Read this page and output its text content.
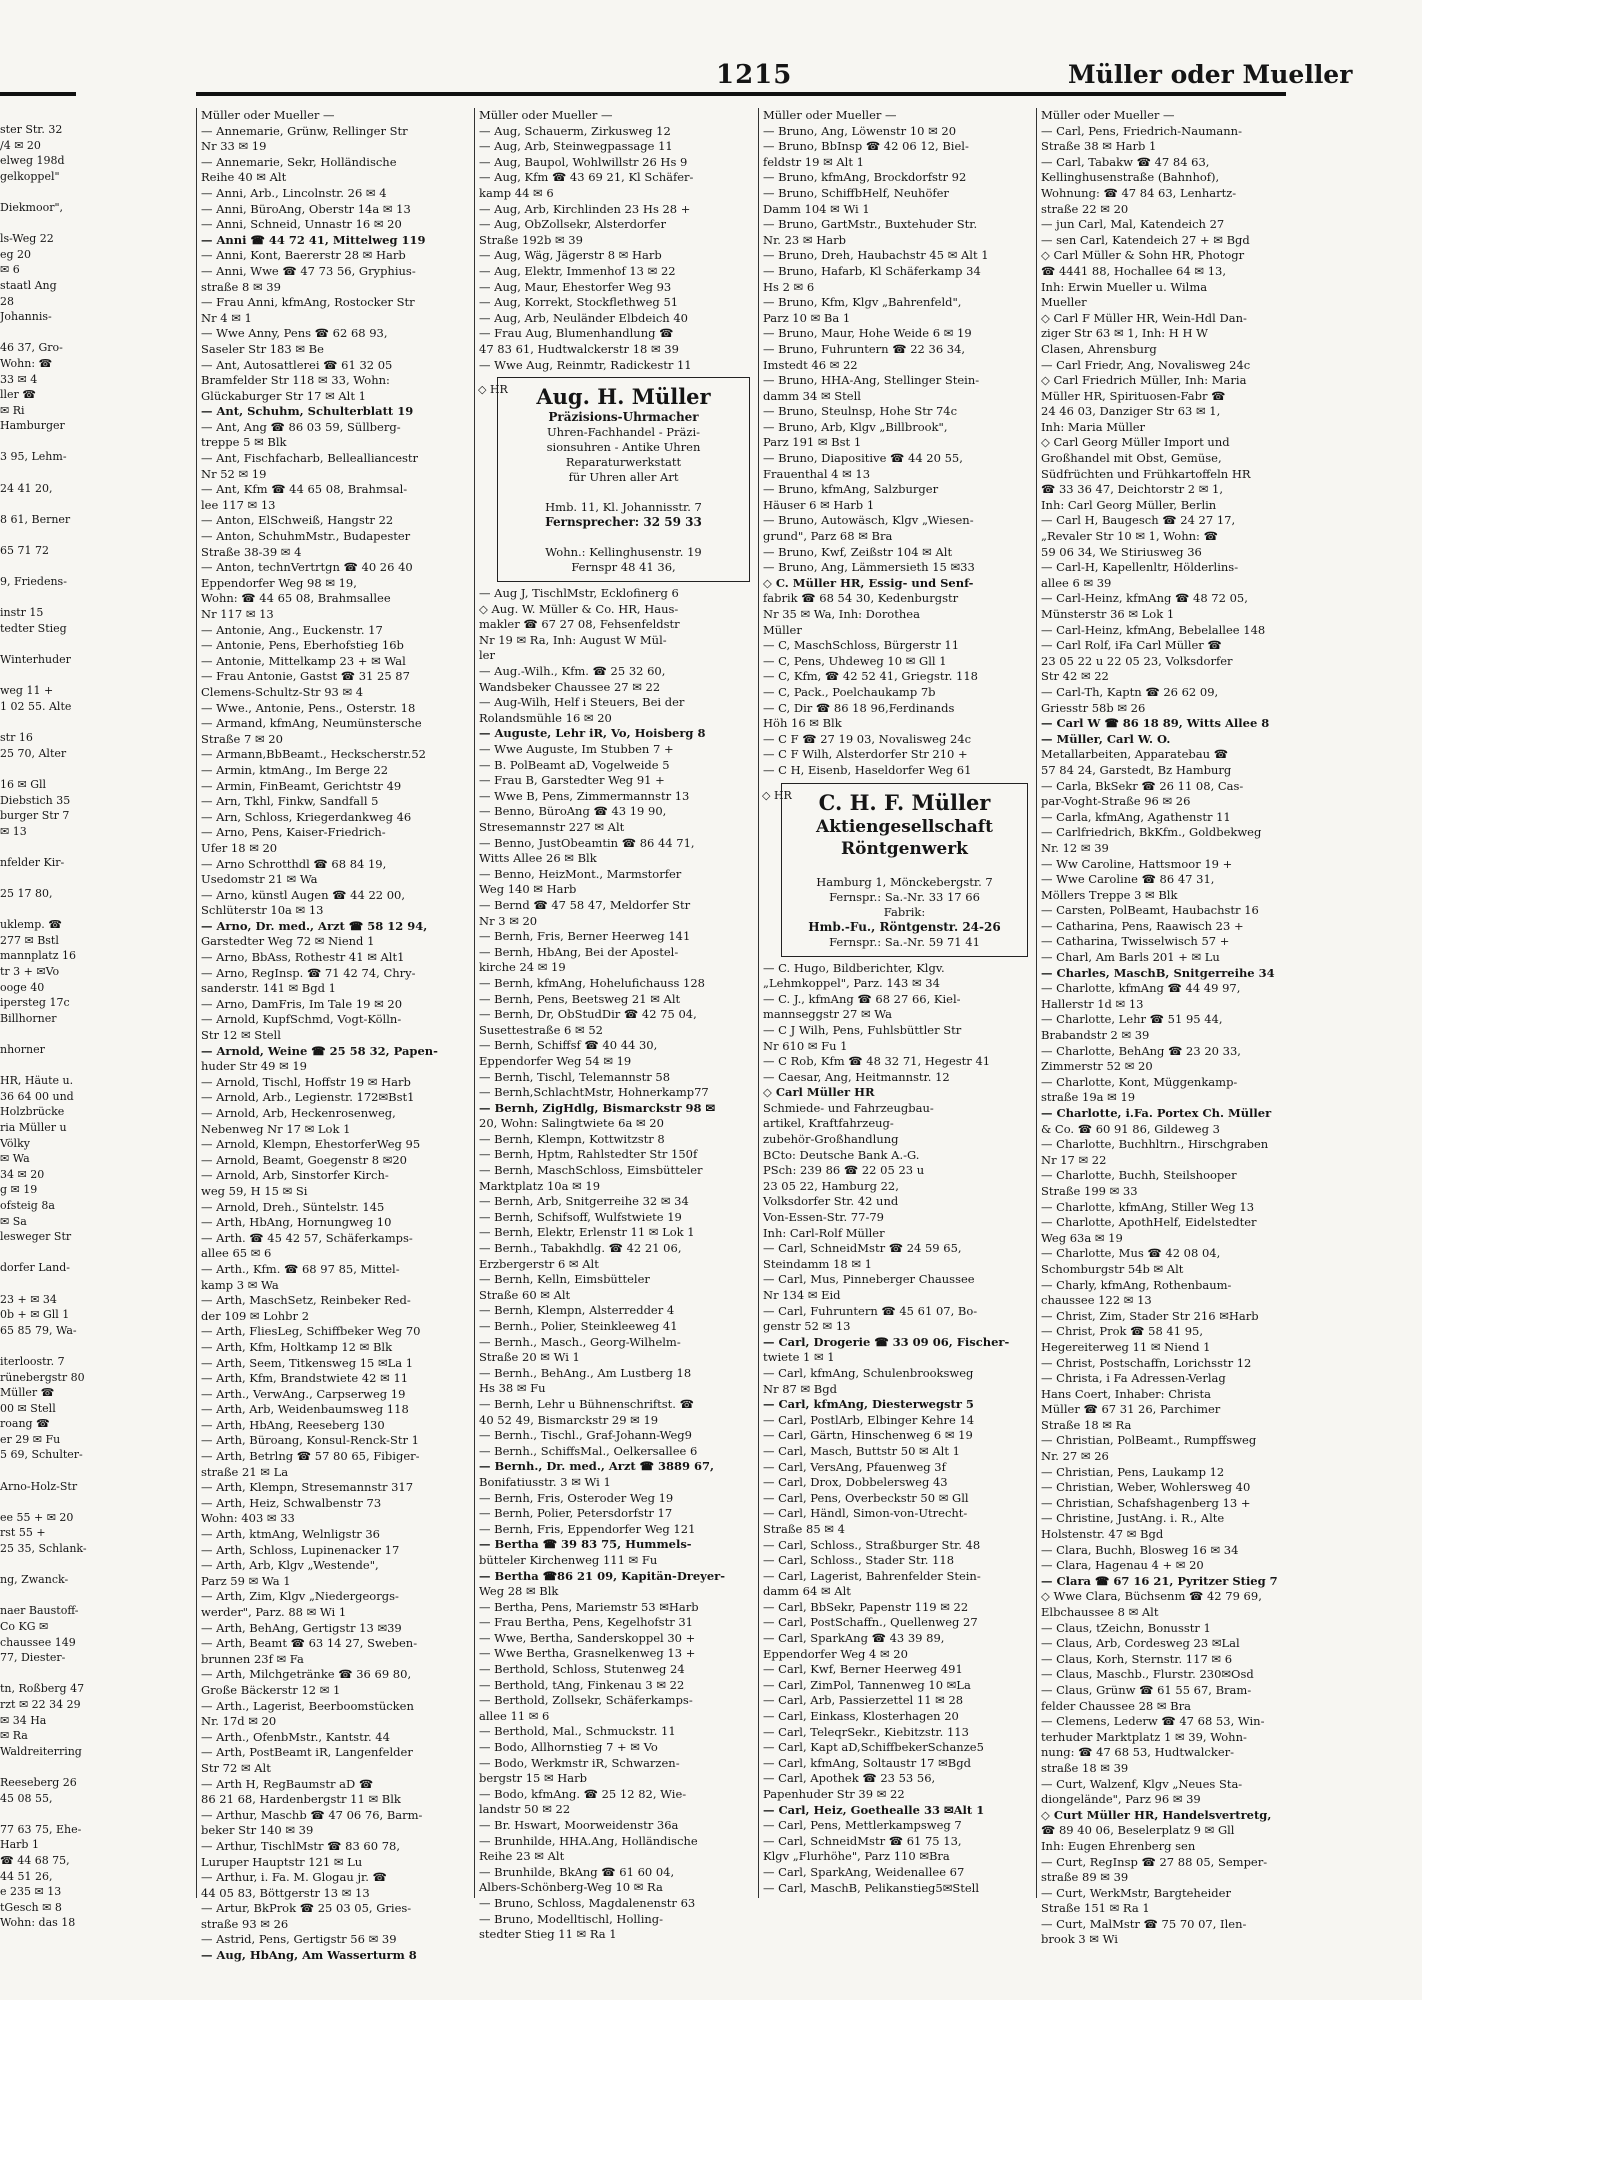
1215	Müller oder Mueller
ster Str. 32
/4 ✉ 20
elweg 198d
gelkoppel"

Diekmoor",

ls-Weg 22
eg 20
✉ 6
staatl Ang
28
Johannis-

46 37, Gro-
Wohn: ☎
33 ✉ 4
ller ☎
✉ Ri
Hamburger

3 95, Lehm-

24 41 20,

8 61, Berner

65 71 72

9, Friedens-

instr 15
tedter Stieg

Winterhuder

weg 11 +
1 02 55. Alte

str 16
25 70, Alter

16 ✉ Gll
Diebstich 35
burger Str 7
✉ 13

nfelder Kir-

25 17 80,

uklemp. ☎
277 ✉ Bstl
mannplatz 16
tr 3 + ✉Vo
ooge 40
ipersteg 17c
Billhorner

nhorner

HR, Häute u.
36 64 00 und
Holzbrücke
ria Müller u
Völky
✉ Wa
34 ✉ 20
g ✉ 19
ofsteig 8a
✉ Sa
lesweger Str

dorfer Land-

23 + ✉ 34
0b + ✉ Gll 1
65 85 79, Wa-

iterloostr. 7
rünebergstr 80
Müller ☎
00 ✉ Stell
roang ☎
er 29 ✉ Fu
5 69, Schulter-

Arno-Holz-Str

ee 55 + ✉ 20
rst 55 +
25 35, Schlank-

ng, Zwanck-

naer Baustoff-
Co KG ✉
chaussee 149
77, Diester-

tn, Roßberg 47
rzt ✉ 22 34 29
✉ 34 Ha
✉ Ra
Waldreiterring

Reeseberg 26
45 08 55,

77 63 75, Ehe-
Harb 1
☎ 44 68 75,
44 51 26,
e 235 ✉ 13
tGesch ✉ 8
Wohn: das 18
Müller oder Mueller —
— Annemarie, Grünw, Rellinger Str
Nr 33 ✉ 19
— Annemarie, Sekr, Holländische
Reihe 40 ✉ Alt
— Anni, Arb., Lincolnstr. 26 ✉ 4
— Anni, BüroAng, Oberstr 14a ✉ 13
— Anni, Schneid, Unnastr 16 ✉ 20
— Anni ☎ 44 72 41, Mittelweg 119
— Anni, Kont, Baererstr 28 ✉ Harb
— Anni, Wwe ☎ 47 73 56, Gryphius-
straße 8 ✉ 39
— Frau Anni, kfmAng, Rostocker Str
Nr 4 ✉ 1
— Wwe Anny, Pens ☎ 62 68 93,
Saseler Str 183 ✉ Be
— Ant, Autosattlerei ☎ 61 32 05
Bramfelder Str 118 ✉ 33, Wohn:
Glückaburger Str 17 ✉ Alt 1
— Ant, Schuhm, Schulterblatt 19
— Ant, Ang ☎ 86 03 59, Süllberg-
treppe 5 ✉ Blk
— Ant, Fischfacharb, Bellealliancestr
Nr 52 ✉ 19
— Ant, Kfm ☎ 44 65 08, Brahmsal-
lee 117 ✉ 13
— Anton, ElSchweiß, Hangstr 22
— Anton, SchuhmMstr., Budapester
Straße 38-39 ✉ 4
— Anton, technVertrtgn ☎ 40 26 40
Eppendorfer Weg 98 ✉ 19,
Wohn: ☎ 44 65 08, Brahmsallee
Nr 117 ✉ 13
— Antonie, Ang., Euckenstr. 17
— Antonie, Pens, Eberhofstieg 16b
— Antonie, Mittelkamp 23 + ✉ Wal
— Frau Antonie, Gastst ☎ 31 25 87
Clemens-Schultz-Str 93 ✉ 4
— Wwe., Antonie, Pens., Osterstr. 18
— Armand, kfmAng, Neumünstersche
Straße 7 ✉ 20
— Armann,BbBeamt., Heckscherstr.52
— Armin, ktmAng., Im Berge 22
— Armin, FinBeamt, Gerichtstr 49
— Arn, Tkhl, Finkw, Sandfall 5
— Arn, Schloss, Kriegerdankweg 46
— Arno, Pens, Kaiser-Friedrich-
Ufer 18 ✉ 20
— Arno Schrotthdl ☎ 68 84 19,
Usedomstr 21 ✉ Wa
— Arno, künstl Augen ☎ 44 22 00,
Schlüterstr 10a ✉ 13
— Arno, Dr. med., Arzt ☎ 58 12 94,
Garstedter Weg 72 ✉ Niend 1
— Arno, BbAss, Rothestr 41 ✉ Alt1
— Arno, RegInsp. ☎ 71 42 74, Chry-
sanderstr. 141 ✉ Bgd 1
— Arno, DamFris, Im Tale 19 ✉ 20
— Arnold, KupfSchmd, Vogt-Kölln-
Str 12 ✉ Stell
— Arnold, Weine ☎ 25 58 32, Papen-
huder Str 49 ✉ 19
— Arnold, Tischl, Hoffstr 19 ✉ Harb
— Arnold, Arb., Legienstr. 172✉Bst1
— Arnold, Arb, Heckenrosenweg,
Nebenweg Nr 17 ✉ Lok 1
— Arnold, Klempn, EhestorferWeg 95
— Arnold, Beamt, Goegenstr 8 ✉20
— Arnold, Arb, Sinstorfer Kirch-
weg 59, H 15 ✉ Si
— Arnold, Dreh., Süntelstr. 145
— Arth, HbAng, Hornungweg 10
— Arth. ☎ 45 42 57, Schäferkamps-
allee 65 ✉ 6
— Arth., Kfm. ☎ 68 97 85, Mittel-
kamp 3 ✉ Wa
— Arth, MaschSetz, Reinbeker Red-
der 109 ✉ Lohbr 2
— Arth, FliesLeg, Schiffbeker Weg 70
— Arth, Kfm, Holtkamp 12 ✉ Blk
— Arth, Seem, Titkensweg 15 ✉La 1
— Arth, Kfm, Brandstwiete 42 ✉ 11
— Arth., VerwAng., Carpserweg 19
— Arth, Arb, Weidenbaumsweg 118
— Arth, HbAng, Reeseberg 130
— Arth, Büroang, Konsul-Renck-Str 1
— Arth, Betrlng ☎ 57 80 65, Fibiger-
straße 21 ✉ La
— Arth, Klempn, Stresemannstr 317
— Arth, Heiz, Schwalbenstr 73
Wohn: 403 ✉ 33
— Arth, ktmAng, Welnligstr 36
— Arth, Schloss, Lupinenacker 17
— Arth, Arb, Klgv „Westende",
Parz 59 ✉ Wa 1
— Arth, Zim, Klgv „Niedergeorgs-
werder", Parz. 88 ✉ Wi 1
— Arth, BehAng, Gertigstr 13 ✉39
— Arth, Beamt ☎ 63 14 27, Sweben-
brunnen 23f ✉ Fa
— Arth, Milchgetränke ☎ 36 69 80,
Große Bäckerstr 12 ✉ 1
— Arth., Lagerist, Beerboomstücken
Nr. 17d ✉ 20
— Arth., OfenbMstr., Kantstr. 44
— Arth, PostBeamt iR, Langenfelder
Str 72 ✉ Alt
— Arth H, RegBaumstr aD ☎
86 21 68, Hardenbergstr 11 ✉ Blk
— Arthur, Maschb ☎ 47 06 76, Barm-
beker Str 140 ✉ 39
— Arthur, TischlMstr ☎ 83 60 78,
Luruper Hauptstr 121 ✉ Lu
— Arthur, i. Fa. M. Glogau jr. ☎
44 05 83, Böttgerstr 13 ✉ 13
— Artur, BkProk ☎ 25 03 05, Gries-
straße 93 ✉ 26
— Astrid, Pens, Gertigstr 56 ✉ 39
— Aug, HbAng, Am Wasserturm 8
Müller oder Mueller —
— Aug, Schauerm, Zirkusweg 12
— Aug, Arb, Steinwegpassage 11
— Aug, Baupol, Wohlwillstr 26 Hs 9
— Aug, Kfm ☎ 43 69 21, Kl Schäfer-
kamp 44 ✉ 6
— Aug, Arb, Kirchlinden 23 Hs 28 +
— Aug, ObZollsekr, Alsterdorfer
Straße 192b ✉ 39
— Aug, Wäg, Jägerstr 8 ✉ Harb
— Aug, Elektr, Immenhof 13 ✉ 22
— Aug, Maur, Ehestorfer Weg 93
— Aug, Korrekt, Stockflethweg 51
— Aug, Arb, Neuländer Elbdeich 40
— Frau Aug, Blumenhandlung ☎
47 83 61, Hudtwalckerstr 18 ✉ 39
— Wwe Aug, Reinmtr, Radickestr 11
◇ HR	Aug. H. Müller
Präzisions-Uhrmacher
Uhren-Fachhandel - Präzi-
sionsuhren - Antike Uhren
Reparaturwerkstatt
für Uhren aller Art

Hmb. 11, Kl. Johannisstr. 7
Fernsprecher: 32 59 33

Wohn.: Kellinghusenstr. 19
Fernspr 48 41 36,
— Aug J, TischlMstr, Ecklofinerg 6
◇ Aug. W. Müller & Co. HR, Haus-
makler ☎ 67 27 08, Fehsenfeldstr
Nr 19 ✉ Ra, Inh: August W Mül-
ler
— Aug.-Wilh., Kfm. ☎ 25 32 60,
Wandsbeker Chaussee 27 ✉ 22
— Aug-Wilh, Helf i Steuers, Bei der
Rolandsmühle 16 ✉ 20
— Auguste, Lehr iR, Vo, Hoisberg 8
— Wwe Auguste, Im Stubben 7 +
— B. PolBeamt aD, Vogelweide 5
— Frau B, Garstedter Weg 91 +
— Wwe B, Pens, Zimmermannstr 13
— Benno, BüroAng ☎ 43 19 90,
Stresemannstr 227 ✉ Alt
— Benno, JustObeamtin ☎ 86 44 71,
Witts Allee 26 ✉ Blk
— Benno, HeizMont., Marmstorfer
Weg 140 ✉ Harb
— Bernd ☎ 47 58 47, Meldorfer Str
Nr 3 ✉ 20
— Bernh, Fris, Berner Heerweg 141
— Bernh, HbAng, Bei der Apostel-
kirche 24 ✉ 19
— Bernh, kfmAng, Hohelufichauss 128
— Bernh, Pens, Beetsweg 21 ✉ Alt
— Bernh, Dr, ObStudDir ☎ 42 75 04,
Susettestraße 6 ✉ 52
— Bernh, Schiffsf ☎ 40 44 30,
Eppendorfer Weg 54 ✉ 19
— Bernh, Tischl, Telemannstr 58
— Bernh,SchlachtMstr, Hohnerkamp77
— Bernh, ZigHdlg, Bismarckstr 98 ✉
20, Wohn: Salingtwiete 6a ✉ 20
— Bernh, Klempn, Kottwitzstr 8
— Bernh, Hptm, Rahlstedter Str 150f
— Bernh, MaschSchloss, Eimsbütteler
Marktplatz 10a ✉ 19
— Bernh, Arb, Snitgerreihe 32 ✉ 34
— Bernh, Schifsoff, Wulfstwiete 19
— Bernh, Elektr, Erlenstr 11 ✉ Lok 1
— Bernh., Tabakhdlg. ☎ 42 21 06,
Erzbergerstr 6 ✉ Alt
— Bernh, Kelln, Eimsbütteler
Straße 60 ✉ Alt
— Bernh, Klempn, Alsterredder 4
— Bernh., Polier, Steinkleeweg 41
— Bernh., Masch., Georg-Wilhelm-
Straße 20 ✉ Wi 1
— Bernh., BehAng., Am Lustberg 18
Hs 38 ✉ Fu
— Bernh, Lehr u Bühnenschriftst. ☎
40 52 49, Bismarckstr 29 ✉ 19
— Bernh., Tischl., Graf-Johann-Weg9
— Bernh., SchiffsMal., Oelkersallee 6
— Bernh., Dr. med., Arzt ☎ 3889 67,
Bonifatiusstr. 3 ✉ Wi 1
— Bernh, Fris, Osteroder Weg 19
— Bernh, Polier, Petersdorfstr 17
— Bernh, Fris, Eppendorfer Weg 121
— Bertha ☎ 39 83 75, Hummels-
bütteler Kirchenweg 111 ✉ Fu
— Bertha ☎86 21 09, Kapitän-Dreyer-
Weg 28 ✉ Blk
— Bertha, Pens, Mariemstr 53 ✉Harb
— Frau Bertha, Pens, Kegelhofstr 31
— Wwe, Bertha, Sanderskoppel 30 +
— Wwe Bertha, Grasnelkenweg 13 +
— Berthold, Schloss, Stutenweg 24
— Berthold, tAng, Finkenau 3 ✉ 22
— Berthold, Zollsekr, Schäferkamps-
allee 11 ✉ 6
— Berthold, Mal., Schmuckstr. 11
— Bodo, Allhornstieg 7 + ✉ Vo
— Bodo, Werkmstr iR, Schwarzen-
bergstr 15 ✉ Harb
— Bodo, kfmAng. ☎ 25 12 82, Wie-
landstr 50 ✉ 22
— Br. Hswart, Moorweidenstr 36a
— Brunhilde, HHA.Ang, Holländische
Reihe 23 ✉ Alt
— Brunhilde, BkAng ☎ 61 60 04,
Albers-Schönberg-Weg 10 ✉ Ra
— Bruno, Schloss, Magdalenenstr 63
— Bruno, Modelltischl, Holling-
stedter Stieg 11 ✉ Ra 1
Müller oder Mueller —
— Bruno, Ang, Löwenstr 10 ✉ 20
— Bruno, BbInsp ☎ 42 06 12, Biel-
feldstr 19 ✉ Alt 1
— Bruno, kfmAng, Brockdorfstr 92
— Bruno, SchiffbHelf, Neuhöfer
Damm 104 ✉ Wi 1
— Bruno, GartMstr., Buxtehuder Str.
Nr. 23 ✉ Harb
— Bruno, Dreh, Haubachstr 45 ✉ Alt 1
— Bruno, Hafarb, Kl Schäferkamp 34
Hs 2 ✉ 6
— Bruno, Kfm, Klgv „Bahrenfeld",
Parz 10 ✉ Ba 1
— Bruno, Maur, Hohe Weide 6 ✉ 19
— Bruno, Fuhruntern ☎ 22 36 34,
Imstedt 46 ✉ 22
— Bruno, HHA-Ang, Stellinger Stein-
damm 34 ✉ Stell
— Bruno, Steulnsp, Hohe Str 74c
— Bruno, Arb, Klgv „Billbrook",
Parz 191 ✉ Bst 1
— Bruno, Diapositive ☎ 44 20 55,
Frauenthal 4 ✉ 13
— Bruno, kfmAng, Salzburger
Häuser 6 ✉ Harb 1
— Bruno, Autowäsch, Klgv „Wiesen-
grund", Parz 68 ✉ Bra
— Bruno, Kwf, Zeißstr 104 ✉ Alt
— Bruno, Ang, Lämmersieth 15 ✉33
◇ C. Müller HR, Essig- und Senf-
fabrik ☎ 68 54 30, Kedenburgstr
Nr 35 ✉ Wa, Inh: Dorothea
Müller
— C, MaschSchloss, Bürgerstr 11
— C, Pens, Uhdeweg 10 ✉ Gll 1
— C, Kfm, ☎ 42 52 41, Griegstr. 118
— C, Pack., Poelchaukamp 7b
— C, Dir ☎ 86 18 96,Ferdinands
Höh 16 ✉ Blk
— C F ☎ 27 19 03, Novalisweg 24c
— C F Wilh, Alsterdorfer Str 210 +
— C H, Eisenb, Haseldorfer Weg 61
◇ HR	C. H. F. Müller
Aktiengesellschaft
Röntgenwerk

Hamburg 1, Mönckebergstr. 7
Fernspr.: Sa.-Nr. 33 17 66
Fabrik:
Hmb.-Fu., Röntgenstr. 24-26
Fernspr.: Sa.-Nr. 59 71 41
— C. Hugo, Bildberichter, Klgv.
„Lehmkoppel", Parz. 143 ✉ 34
— C. J., kfmAng ☎ 68 27 66, Kiel-
mannseggstr 27 ✉ Wa
— C J Wilh, Pens, Fuhlsbüttler Str
Nr 610 ✉ Fu 1
— C Rob, Kfm ☎ 48 32 71, Hegestr 41
— Caesar, Ang, Heitmannstr. 12
◇ Carl Müller HR
Schmiede- und Fahrzeugbau-
artikel, Kraftfahrzeug-
zubehör-Großhandlung
BCto: Deutsche Bank A.-G.
PSch: 239 86 ☎ 22 05 23 u
23 05 22, Hamburg 22,
Volksdorfer Str. 42 und
Von-Essen-Str. 77-79
Inh: Carl-Rolf Müller
— Carl, SchneidMstr ☎ 24 59 65,
Steindamm 18 ✉ 1
— Carl, Mus, Pinneberger Chaussee
Nr 134 ✉ Eid
— Carl, Fuhruntern ☎ 45 61 07, Bo-
genstr 52 ✉ 13
— Carl, Drogerie ☎ 33 09 06, Fischer-
twiete 1 ✉ 1
— Carl, kfmAng, Schulenbrooksweg
Nr 87 ✉ Bgd
— Carl, kfmAng, Diesterwegstr 5
— Carl, PostlArb, Elbinger Kehre 14
— Carl, Gärtn, Hinschenweg 6 ✉ 19
— Carl, Masch, Buttstr 50 ✉ Alt 1
— Carl, VersAng, Pfauenweg 3f
— Carl, Drox, Dobbelersweg 43
— Carl, Pens, Overbeckstr 50 ✉ Gll
— Carl, Händl, Simon-von-Utrecht-
Straße 85 ✉ 4
— Carl, Schloss., Straßburger Str. 48
— Carl, Schloss., Stader Str. 118
— Carl, Lagerist, Bahrenfelder Stein-
damm 64 ✉ Alt
— Carl, BbSekr, Papenstr 119 ✉ 22
— Carl, PostSchaffn., Quellenweg 27
— Carl, SparkAng ☎ 43 39 89,
Eppendorfer Weg 4 ✉ 20
— Carl, Kwf, Berner Heerweg 491
— Carl, ZimPol, Tannenweg 10 ✉La
— Carl, Arb, Passierzettel 11 ✉ 28
— Carl, Einkass, Klosterhagen 20
— Carl, TeleqrSekr., Kiebitzstr. 113
— Carl, Kapt aD,SchiffbekerSchanze5
— Carl, kfmAng, Soltaustr 17 ✉Bgd
— Carl, Apothek ☎ 23 53 56,
Papenhuder Str 39 ✉ 22
— Carl, Heiz, Goethealle 33 ✉Alt 1
— Carl, Pens, Mettlerkampsweg 7
— Carl, SchneidMstr ☎ 61 75 13,
Klgv „Flurhöhe", Parz 110 ✉Bra
— Carl, SparkAng, Weidenallee 67
— Carl, MaschB, Pelikanstieg5✉Stell
Müller oder Mueller —
— Carl, Pens, Friedrich-Naumann-
Straße 38 ✉ Harb 1
— Carl, Tabakw ☎ 47 84 63,
Kellinghusenstraße (Bahnhof),
Wohnung: ☎ 47 84 63, Lenhartz-
straße 22 ✉ 20
— jun Carl, Mal, Katendeich 27
— sen Carl, Katendeich 27 + ✉ Bgd
◇ Carl Müller & Sohn HR, Photogr
☎ 4441 88, Hochallee 64 ✉ 13,
Inh: Erwin Mueller u. Wilma
Mueller
◇ Carl F Müller HR, Wein-Hdl Dan-
ziger Str 63 ✉ 1, Inh: H H W
Clasen, Ahrensburg
— Carl Friedr, Ang, Novalisweg 24c
◇ Carl Friedrich Müller, Inh: Maria
Müller HR, Spirituosen-Fabr ☎
24 46 03, Danziger Str 63 ✉ 1,
Inh: Maria Müller
◇ Carl Georg Müller Import und
Großhandel mit Obst, Gemüse,
Südfrüchten und Frühkartoffeln HR
☎ 33 36 47, Deichtorstr 2 ✉ 1,
Inh: Carl Georg Müller, Berlin
— Carl H, Baugesch ☎ 24 27 17,
„Revaler Str 10 ✉ 1, Wohn: ☎
59 06 34, We Stiriusweg 36
— Carl-H, Kapellenltr, Hölderlins-
allee 6 ✉ 39
— Carl-Heinz, kfmAng ☎ 48 72 05,
Münsterstr 36 ✉ Lok 1
— Carl-Heinz, kfmAng, Bebelallee 148
— Carl Rolf, iFa Carl Müller ☎
23 05 22 u 22 05 23, Volksdorfer
Str 42 ✉ 22
— Carl-Th, Kaptn ☎ 26 62 09,
Griesstr 58b ✉ 26
— Carl W ☎ 86 18 89, Witts Allee 8
— Müller, Carl W. O.
Metallarbeiten, Apparatebau ☎
57 84 24, Garstedt, Bz Hamburg
— Carla, BkSekr ☎ 26 11 08, Cas-
par-Voght-Straße 96 ✉ 26
— Carla, kfmAng, Agathenstr 11
— Carlfriedrich, BkKfm., Goldbekweg
Nr. 12 ✉ 39
— Ww Caroline, Hattsmoor 19 +
— Wwe Caroline ☎ 86 47 31,
Möllers Treppe 3 ✉ Blk
— Carsten, PolBeamt, Haubachstr 16
— Catharina, Pens, Raawisch 23 +
— Catharina, Twisselwisch 57 +
— Charl, Am Barls 201 + ✉ Lu
— Charles, MaschB, Snitgerreihe 34
— Charlotte, kfmAng ☎ 44 49 97,
Hallerstr 1d ✉ 13
— Charlotte, Lehr ☎ 51 95 44,
Brabandstr 2 ✉ 39
— Charlotte, BehAng ☎ 23 20 33,
Zimmerstr 52 ✉ 20
— Charlotte, Kont, Müggenkamp-
straße 19a ✉ 19
— Charlotte, i.Fa. Portex Ch. Müller
& Co. ☎ 60 91 86, Gildeweg 3
— Charlotte, Buchhltrn., Hirschgraben
Nr 17 ✉ 22
— Charlotte, Buchh, Steilshooper
Straße 199 ✉ 33
— Charlotte, kfmAng, Stiller Weg 13
— Charlotte, ApothHelf, Eidelstedter
Weg 63a ✉ 19
— Charlotte, Mus ☎ 42 08 04,
Schomburgstr 54b ✉ Alt
— Charly, kfmAng, Rothenbaum-
chaussee 122 ✉ 13
— Christ, Zim, Stader Str 216 ✉Harb
— Christ, Prok ☎ 58 41 95,
Hegereiterweg 11 ✉ Niend 1
— Christ, Postschaffn, Lorichsstr 12
— Christa, i Fa Adressen-Verlag
Hans Coert, Inhaber: Christa
Müller ☎ 67 31 26, Parchimer
Straße 18 ✉ Ra
— Christian, PolBeamt., Rumpffsweg
Nr. 27 ✉ 26
— Christian, Pens, Laukamp 12
— Christian, Weber, Wohlersweg 40
— Christian, Schafshagenberg 13 +
— Christine, JustAng. i. R., Alte
Holstenstr. 47 ✉ Bgd
— Clara, Buchh, Blosweg 16 ✉ 34
— Clara, Hagenau 4 + ✉ 20
— Clara ☎ 67 16 21, Pyritzer Stieg 7
◇ Wwe Clara, Büchsenm ☎ 42 79 69,
Elbchaussee 8 ✉ Alt
— Claus, tZeichn, Bonusstr 1
— Claus, Arb, Cordesweg 23 ✉Lal
— Claus, Korh, Sternstr. 117 ✉ 6
— Claus, Maschb., Flurstr. 230✉Osd
— Claus, Grünw ☎ 61 55 67, Bram-
felder Chaussee 28 ✉ Bra
— Clemens, Lederw ☎ 47 68 53, Win-
terhuder Marktplatz 1 ✉ 39, Wohn-
nung: ☎ 47 68 53, Hudtwalcker-
straße 18 ✉ 39
— Curt, Walzenf, Klgv „Neues Sta-
diongelände", Parz 96 ✉ 39
◇ Curt Müller HR, Handelsvertretg,
☎ 89 40 06, Beselerplatz 9 ✉ Gll
Inh: Eugen Ehrenberg sen
— Curt, RegInsp ☎ 27 88 05, Semper-
straße 89 ✉ 39
— Curt, WerkMstr, Bargteheider
Straße 151 ✉ Ra 1
— Curt, MalMstr ☎ 75 70 07, Ilen-
brook 3 ✉ Wi
